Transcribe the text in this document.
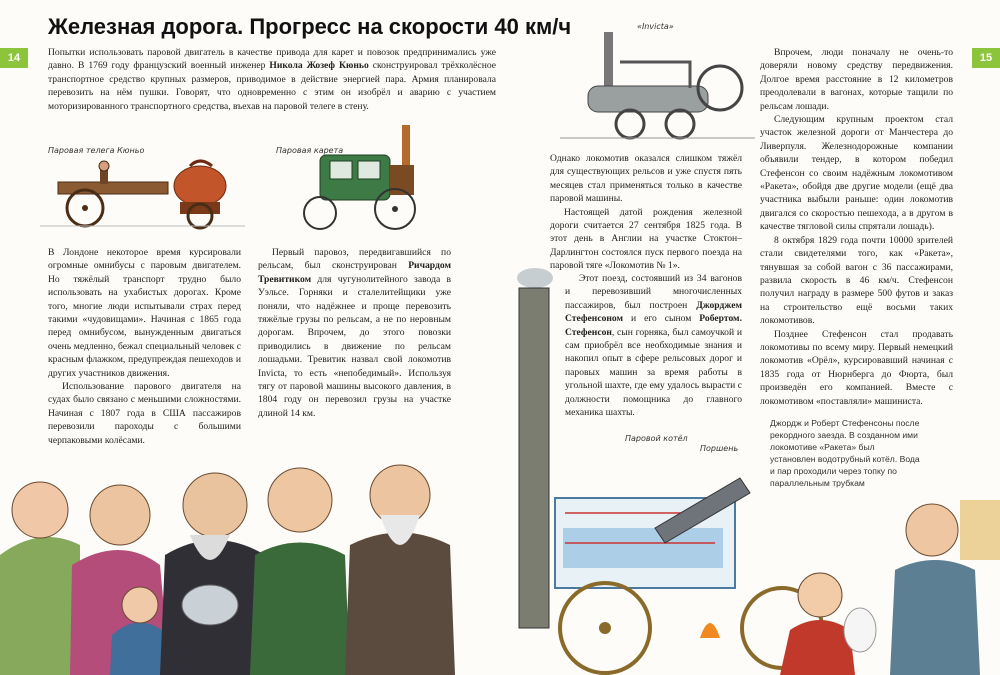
14	15
Железная дорога. Прогресс на скорости 40 км/ч

Попытки использовать паровой двигатель в качестве привода для карет и повозок предпринимались уже давно. В 1769 году французский военный инженер Никола Жозеф Кюньо сконструировал трёхколёсное транспортное средство крупных размеров, приводимое в действие энергией пара. Армия планировала перевозить на нём пушки. Говорят, что одновременно с этим он изобрёл и аварию с участием моторизированного транспортного средства, въехав на паровой телеге в стену.

Паровая телега Кюньо	Паровая карета
«Invicta»

В Лондоне некоторое время курсировали огромные омнибусы с паровым двигателем. Но тяжёлый транспорт трудно было использовать на ухабистых дорогах. Кроме того, многие люди испытывали страх перед такими «чудовищами». Начиная с 1865 года перед омнибусом, вынужденным двигаться очень медленно, бежал специальный человек с красным флажком, предупреждая пешеходов и других участников движения.

Использование парового двигателя на судах было связано с меньшими сложностями. Начиная с 1807 года в США пассажиров перевозили пароходы с большими черпаковыми колёсами.

Первый паровоз, передвигавшийся по рельсам, был сконструирован Ричардом Тревитиком для чугунолитейного завода в Уэльсе. Горняки и сталелитейщики уже поняли, что надёжнее и проще перевозить тяжёлые грузы по рельсам, а не по неровным дорогам. Впрочем, до этого повозки приводились в движение по рельсам лошадьми. Тревитик назвал свой локомотив Invicta, то есть «непобедимый». Используя тягу от паровой машины высокого давления, в 1804 году он перевозил грузы на участке длиной 14 км.

Однако локомотив оказался слишком тяжёл для существующих рельсов и уже спустя пять месяцев стал применяться только в качестве паровой машины.

Настоящей датой рождения железной дороги считается 27 сентября 1825 года. В этот день в Англии на участке Стоктон–Дарлингтон состоялся пуск первого поезда на паровой тяге «Локомотив № 1».

Этот поезд, состоявший из 34 вагонов и перевозивший многочисленных пассажиров, был построен Джорджем Стефенсоном и его сыном Робертом. Стефенсон, сын горняка, был самоучкой и сам приобрёл все необходимые знания и накопил опыт в сфере рельсовых дорог и паровых машин за время работы в угольной шахте, где ему удалось вырасти с должности помощника до главного механика шахты.

Впрочем, люди поначалу не очень-то доверяли новому средству передвижения. Долгое время расстояние в 12 километров преодолевали в вагонах, которые тащили по рельсам лошади.

Следующим крупным проектом стал участок железной дороги от Манчестера до Ливерпуля. Железнодорожные компании объявили тендер, в котором победил Стефенсон со своим надёжным локомотивом «Ракета», обойдя две другие модели (ещё два участника выбыли раньше: один локомотив двигался со скоростью пешехода, а в другом в качестве тягловой силы спрятали лошадь).

8 октября 1829 года почти 10000 зрителей стали свидетелями того, как «Ракета», тянувшая за собой вагон с 36 пассажирами, развила скорость в 46 км/ч. Стефенсон получил награду в размере 500 футов и заказ на строительство ещё восьми таких локомотивов.

Позднее Стефенсон стал продавать локомотивы по всему миру. Первый немецкий локомотив «Орёл», курсировавший начиная с 1835 года от Нюрнберга до Фюрта, был произведён его компанией. Вместе с локомотивом «поставляли» машиниста.

Паровой котёл
Поршень
Джордж и Роберт Стефенсоны после рекордного заезда. В созданном ими локомотиве «Ракета» был установлен водотрубный котёл. Вода и пар проходили через топку по параллельным трубкам
